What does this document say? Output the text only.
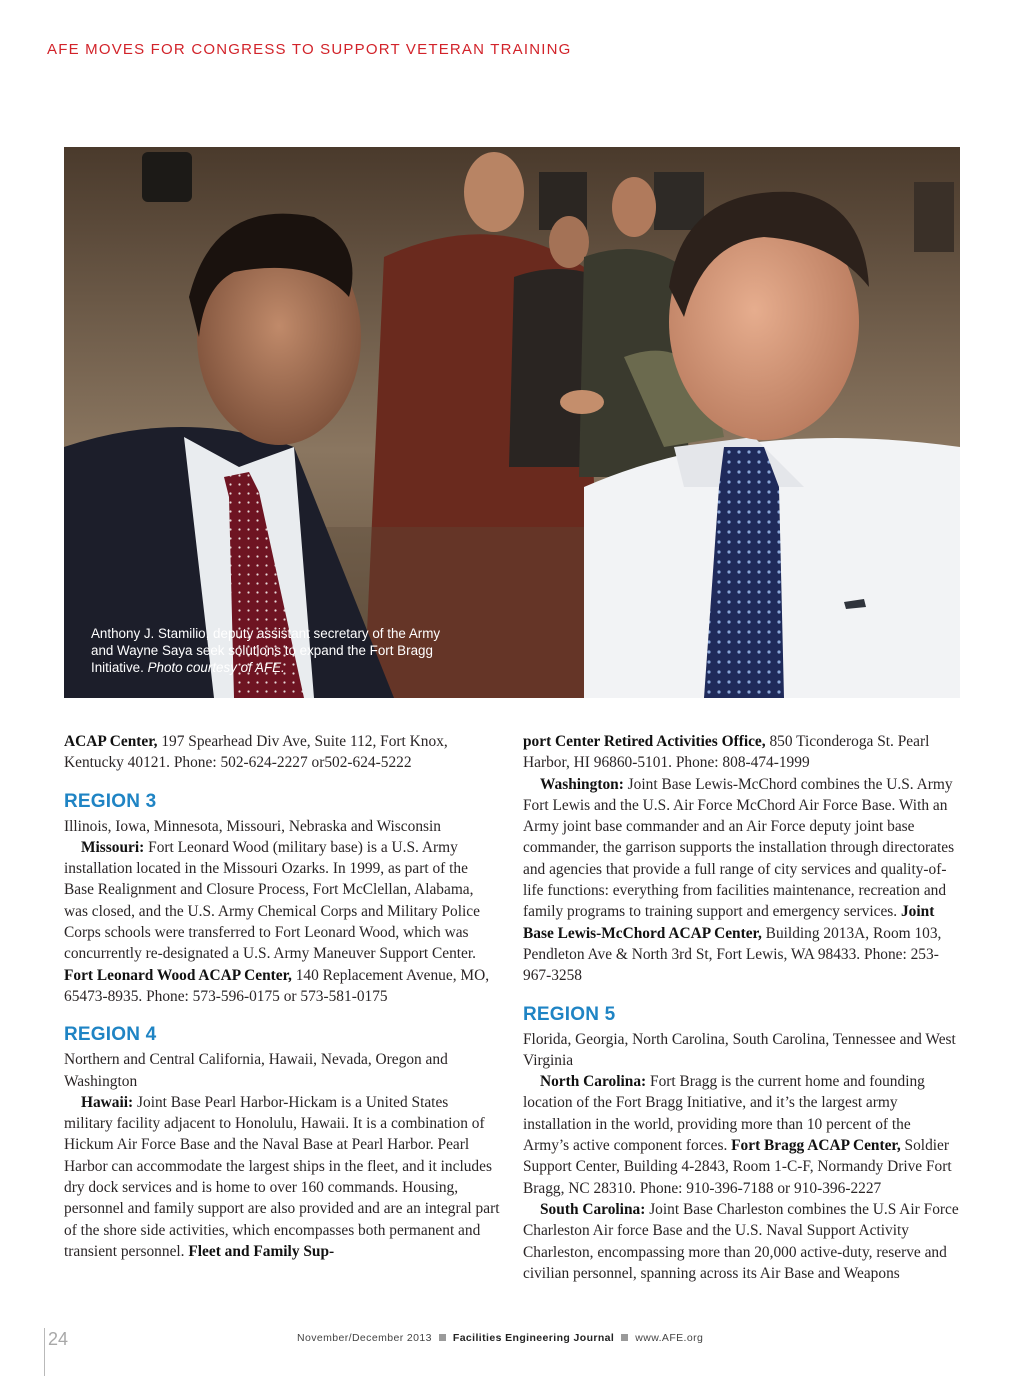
AFE MOVES FOR CONGRESS TO SUPPORT VETERAN TRAINING
Anthony J. Stamilio, deputy assistant secretary of the Army and Wayne Saya seek solutions to expand the Fort Bragg Initiative. Photo courtesy of AFE.

ACAP Center, 197 Spearhead Div Ave, Suite 112, Fort Knox, Kentucky 40121. Phone: 502-624-2227 or502-624-5222

REGION 3

Illinois, Iowa, Minnesota, Missouri, Nebraska and Wisconsin

Missouri: Fort Leonard Wood (military base) is a U.S. Army installation located in the Missouri Ozarks. In 1999, as part of the Base Realignment and Closure Process, Fort McClellan, Alabama, was closed, and the U.S. Army Chemical Corps and Military Police Corps schools were transferred to Fort Leonard Wood, which was concurrently re-designated a U.S. Army Maneuver Support Center. Fort Leonard Wood ACAP Center, 140 Replacement Avenue, MO, 65473-8935. Phone: 573-596-0175 or 573-581-0175

REGION 4

Northern and Central California, Hawaii, Nevada, Oregon and Washington

Hawaii: Joint Base Pearl Harbor-Hickam is a United States military facility adjacent to Honolulu, Hawaii. It is a combination of Hickum Air Force Base and the Naval Base at Pearl Harbor. Pearl Harbor can accommodate the largest ships in the fleet, and it includes dry dock services and is home to over 160 commands. Housing, personnel and family support are also provided and are an integral part of the shore side activities, which encompasses both permanent and transient personnel. Fleet and Family Sup-

port Center Retired Activities Office, 850 Ticonderoga St. Pearl Harbor, HI 96860-5101. Phone: 808-474-1999

Washington: Joint Base Lewis-McChord combines the U.S. Army Fort Lewis and the U.S. Air Force McChord Air Force Base. With an Army joint base commander and an Air Force deputy joint base commander, the garrison supports the installation through directorates and agencies that provide a full range of city services and quality-of-life functions: everything from facilities maintenance, recreation and family programs to training support and emergency services. Joint Base Lewis-McChord ACAP Center, Building 2013A, Room 103, Pendleton Ave & North 3rd St, Fort Lewis, WA 98433. Phone: 253-967-3258

REGION 5

Florida, Georgia, North Carolina, South Carolina, Tennessee and West Virginia

North Carolina: Fort Bragg is the current home and founding location of the Fort Bragg Initiative, and it’s the largest army installation in the world, providing more than 10 percent of the Army’s active component forces. Fort Bragg ACAP Center, Soldier Support Center, Building 4-2843, Room 1-C-F, Normandy Drive Fort Bragg, NC 28310. Phone: 910-396-7188 or 910-396-2227

South Carolina: Joint Base Charleston combines the U.S Air Force Charleston Air force Base and the U.S. Naval Support Activity Charleston, encompassing more than 20,000 active-duty, reserve and civilian personnel, spanning across its Air Base and Weapons

24	November/December 2013 Facilities Engineering Journal www.AFE.org
